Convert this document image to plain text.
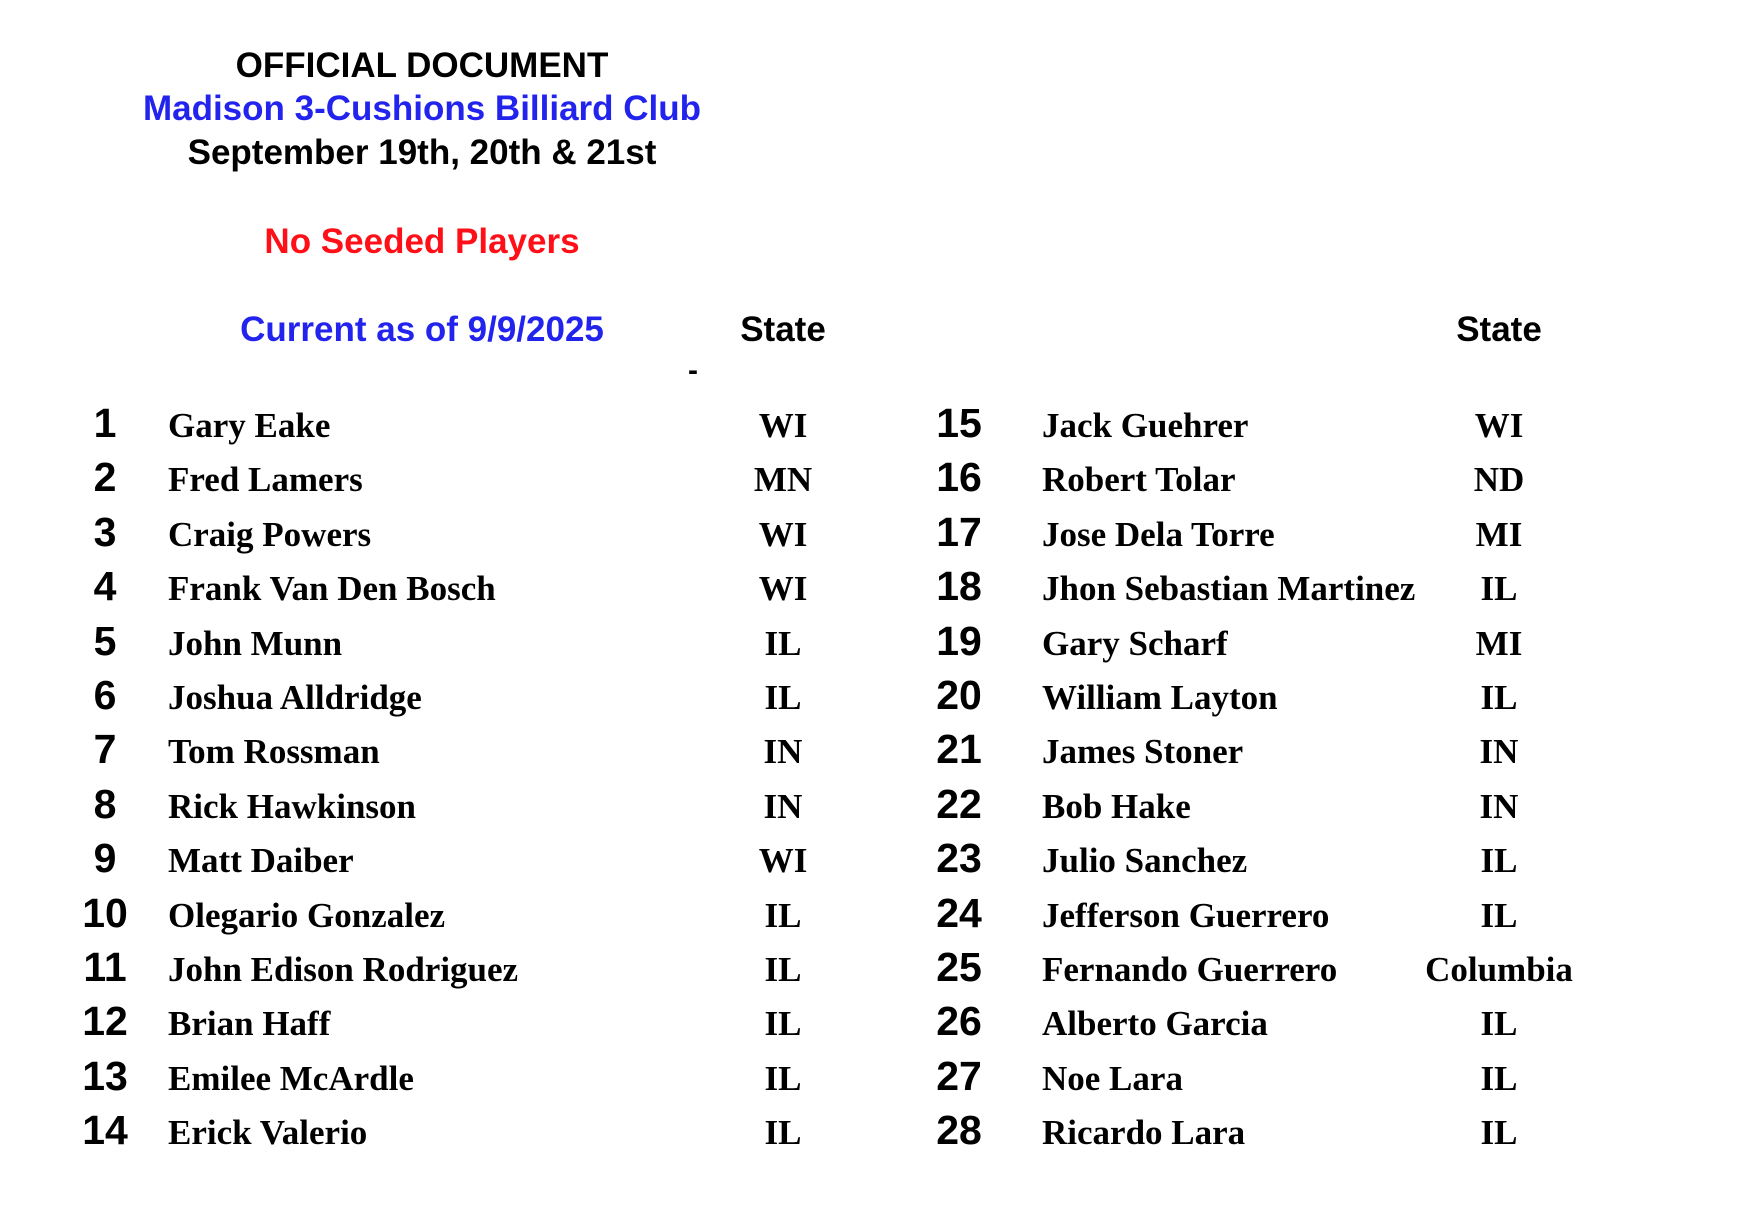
OFFICIAL DOCUMENT
Madison 3-Cushions Billiard Club
September 19th, 20th & 21st
No Seeded Players
Current as of 9/9/2025	State	State
-
1	Gary Eake	WI
2	Fred Lamers	MN
3	Craig Powers	WI
4	Frank Van Den Bosch	WI
5	John Munn	IL
6	Joshua Alldridge	IL
7	Tom Rossman	IN
8	Rick Hawkinson	IN
9	Matt Daiber	WI
10	Olegario Gonzalez	IL
11	John Edison Rodriguez	IL
12	Brian Haff	IL
13	Emilee McArdle	IL
14	Erick Valerio	IL
15	Jack Guehrer	WI
16	Robert Tolar	ND
17	Jose Dela Torre	MI
18	Jhon Sebastian Martinez	IL
19	Gary Scharf	MI
20	William Layton	IL
21	James Stoner	IN
22	Bob Hake	IN
23	Julio Sanchez	IL
24	Jefferson Guerrero	IL
25	Fernando Guerrero	Columbia
26	Alberto Garcia	IL
27	Noe Lara	IL
28	Ricardo Lara	IL
